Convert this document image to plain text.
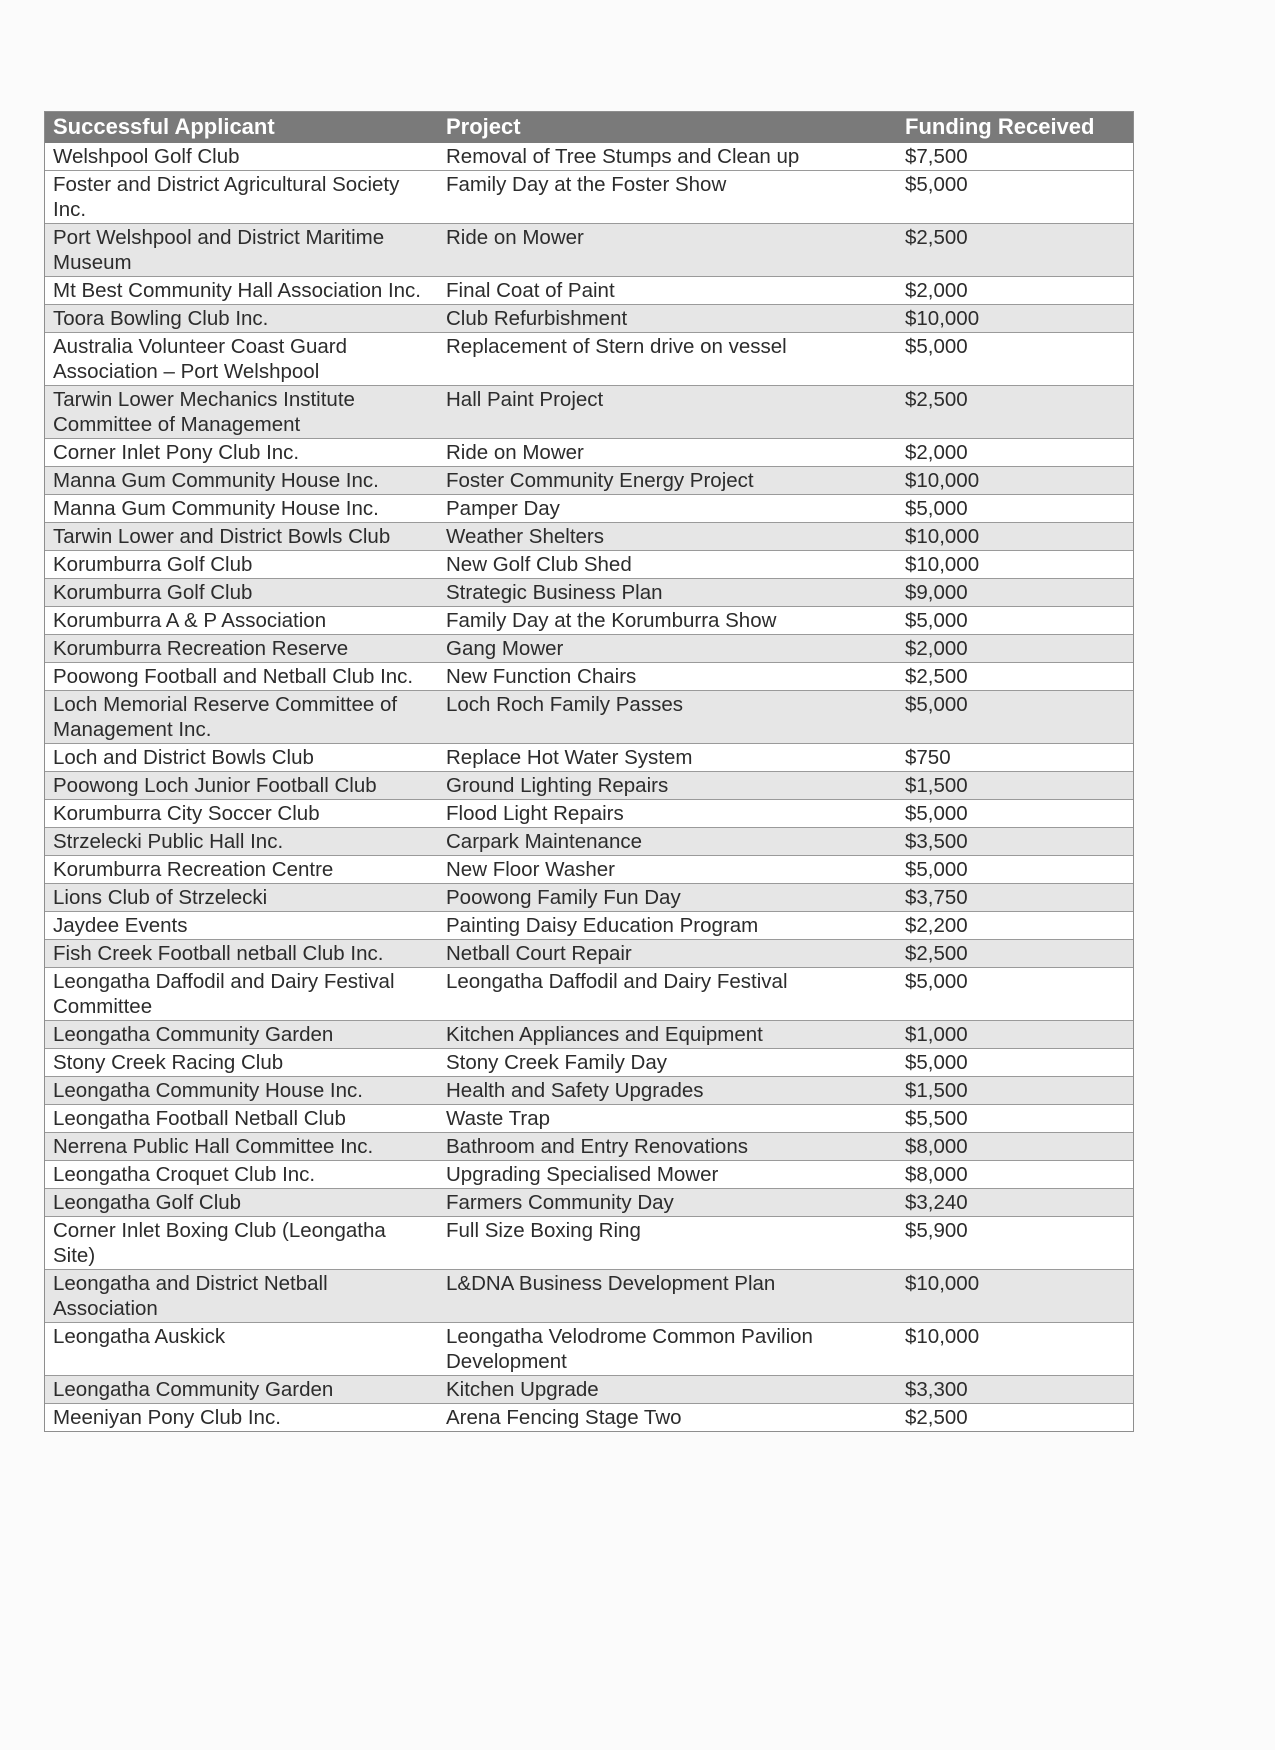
Successful Applicant	Project	Funding Received
Welshpool Golf Club	Removal of Tree Stumps and Clean up	$7,500
Foster and District Agricultural Society Inc.	Family Day at the Foster Show	$5,000
Port Welshpool and District Maritime Museum	Ride on Mower	$2,500
Mt Best Community Hall Association Inc.	Final Coat of Paint	$2,000
Toora Bowling Club Inc.	Club Refurbishment	$10,000
Australia Volunteer Coast Guard Association – Port Welshpool	Replacement of Stern drive on vessel	$5,000
Tarwin Lower Mechanics Institute Committee of Management	Hall Paint Project	$2,500
Corner Inlet Pony Club Inc.	Ride on Mower	$2,000
Manna Gum Community House Inc.	Foster Community Energy Project	$10,000
Manna Gum Community House Inc.	Pamper Day	$5,000
Tarwin Lower and District Bowls Club	Weather Shelters	$10,000
Korumburra Golf Club	New Golf Club Shed	$10,000
Korumburra Golf Club	Strategic Business Plan	$9,000
Korumburra A & P Association	Family Day at the Korumburra Show	$5,000
Korumburra Recreation Reserve	Gang Mower	$2,000
Poowong Football and Netball Club Inc.	New Function Chairs	$2,500
Loch Memorial Reserve Committee of Management Inc.	Loch Roch Family Passes	$5,000
Loch and District Bowls Club	Replace Hot Water System	$750
Poowong Loch Junior Football Club	Ground Lighting Repairs	$1,500
Korumburra City Soccer Club	Flood Light Repairs	$5,000
Strzelecki Public Hall Inc.	Carpark Maintenance	$3,500
Korumburra Recreation Centre	New Floor Washer	$5,000
Lions Club of Strzelecki	Poowong Family Fun Day	$3,750
Jaydee Events	Painting Daisy Education Program	$2,200
Fish Creek Football netball Club Inc.	Netball Court Repair	$2,500
Leongatha Daffodil and Dairy Festival Committee	Leongatha Daffodil and Dairy Festival	$5,000
Leongatha Community Garden	Kitchen Appliances and Equipment	$1,000
Stony Creek Racing Club	Stony Creek Family Day	$5,000
Leongatha Community House Inc.	Health and Safety Upgrades	$1,500
Leongatha Football Netball Club	Waste Trap	$5,500
Nerrena Public Hall Committee Inc.	Bathroom and Entry Renovations	$8,000
Leongatha Croquet Club Inc.	Upgrading Specialised Mower	$8,000
Leongatha Golf Club	Farmers Community Day	$3,240
Corner Inlet Boxing Club (Leongatha Site)	Full Size Boxing Ring	$5,900
Leongatha and District Netball Association	L&DNA Business Development Plan	$10,000
Leongatha Auskick	Leongatha Velodrome Common Pavilion Development	$10,000
Leongatha Community Garden	Kitchen Upgrade	$3,300
Meeniyan Pony Club Inc.	Arena Fencing Stage Two	$2,500
